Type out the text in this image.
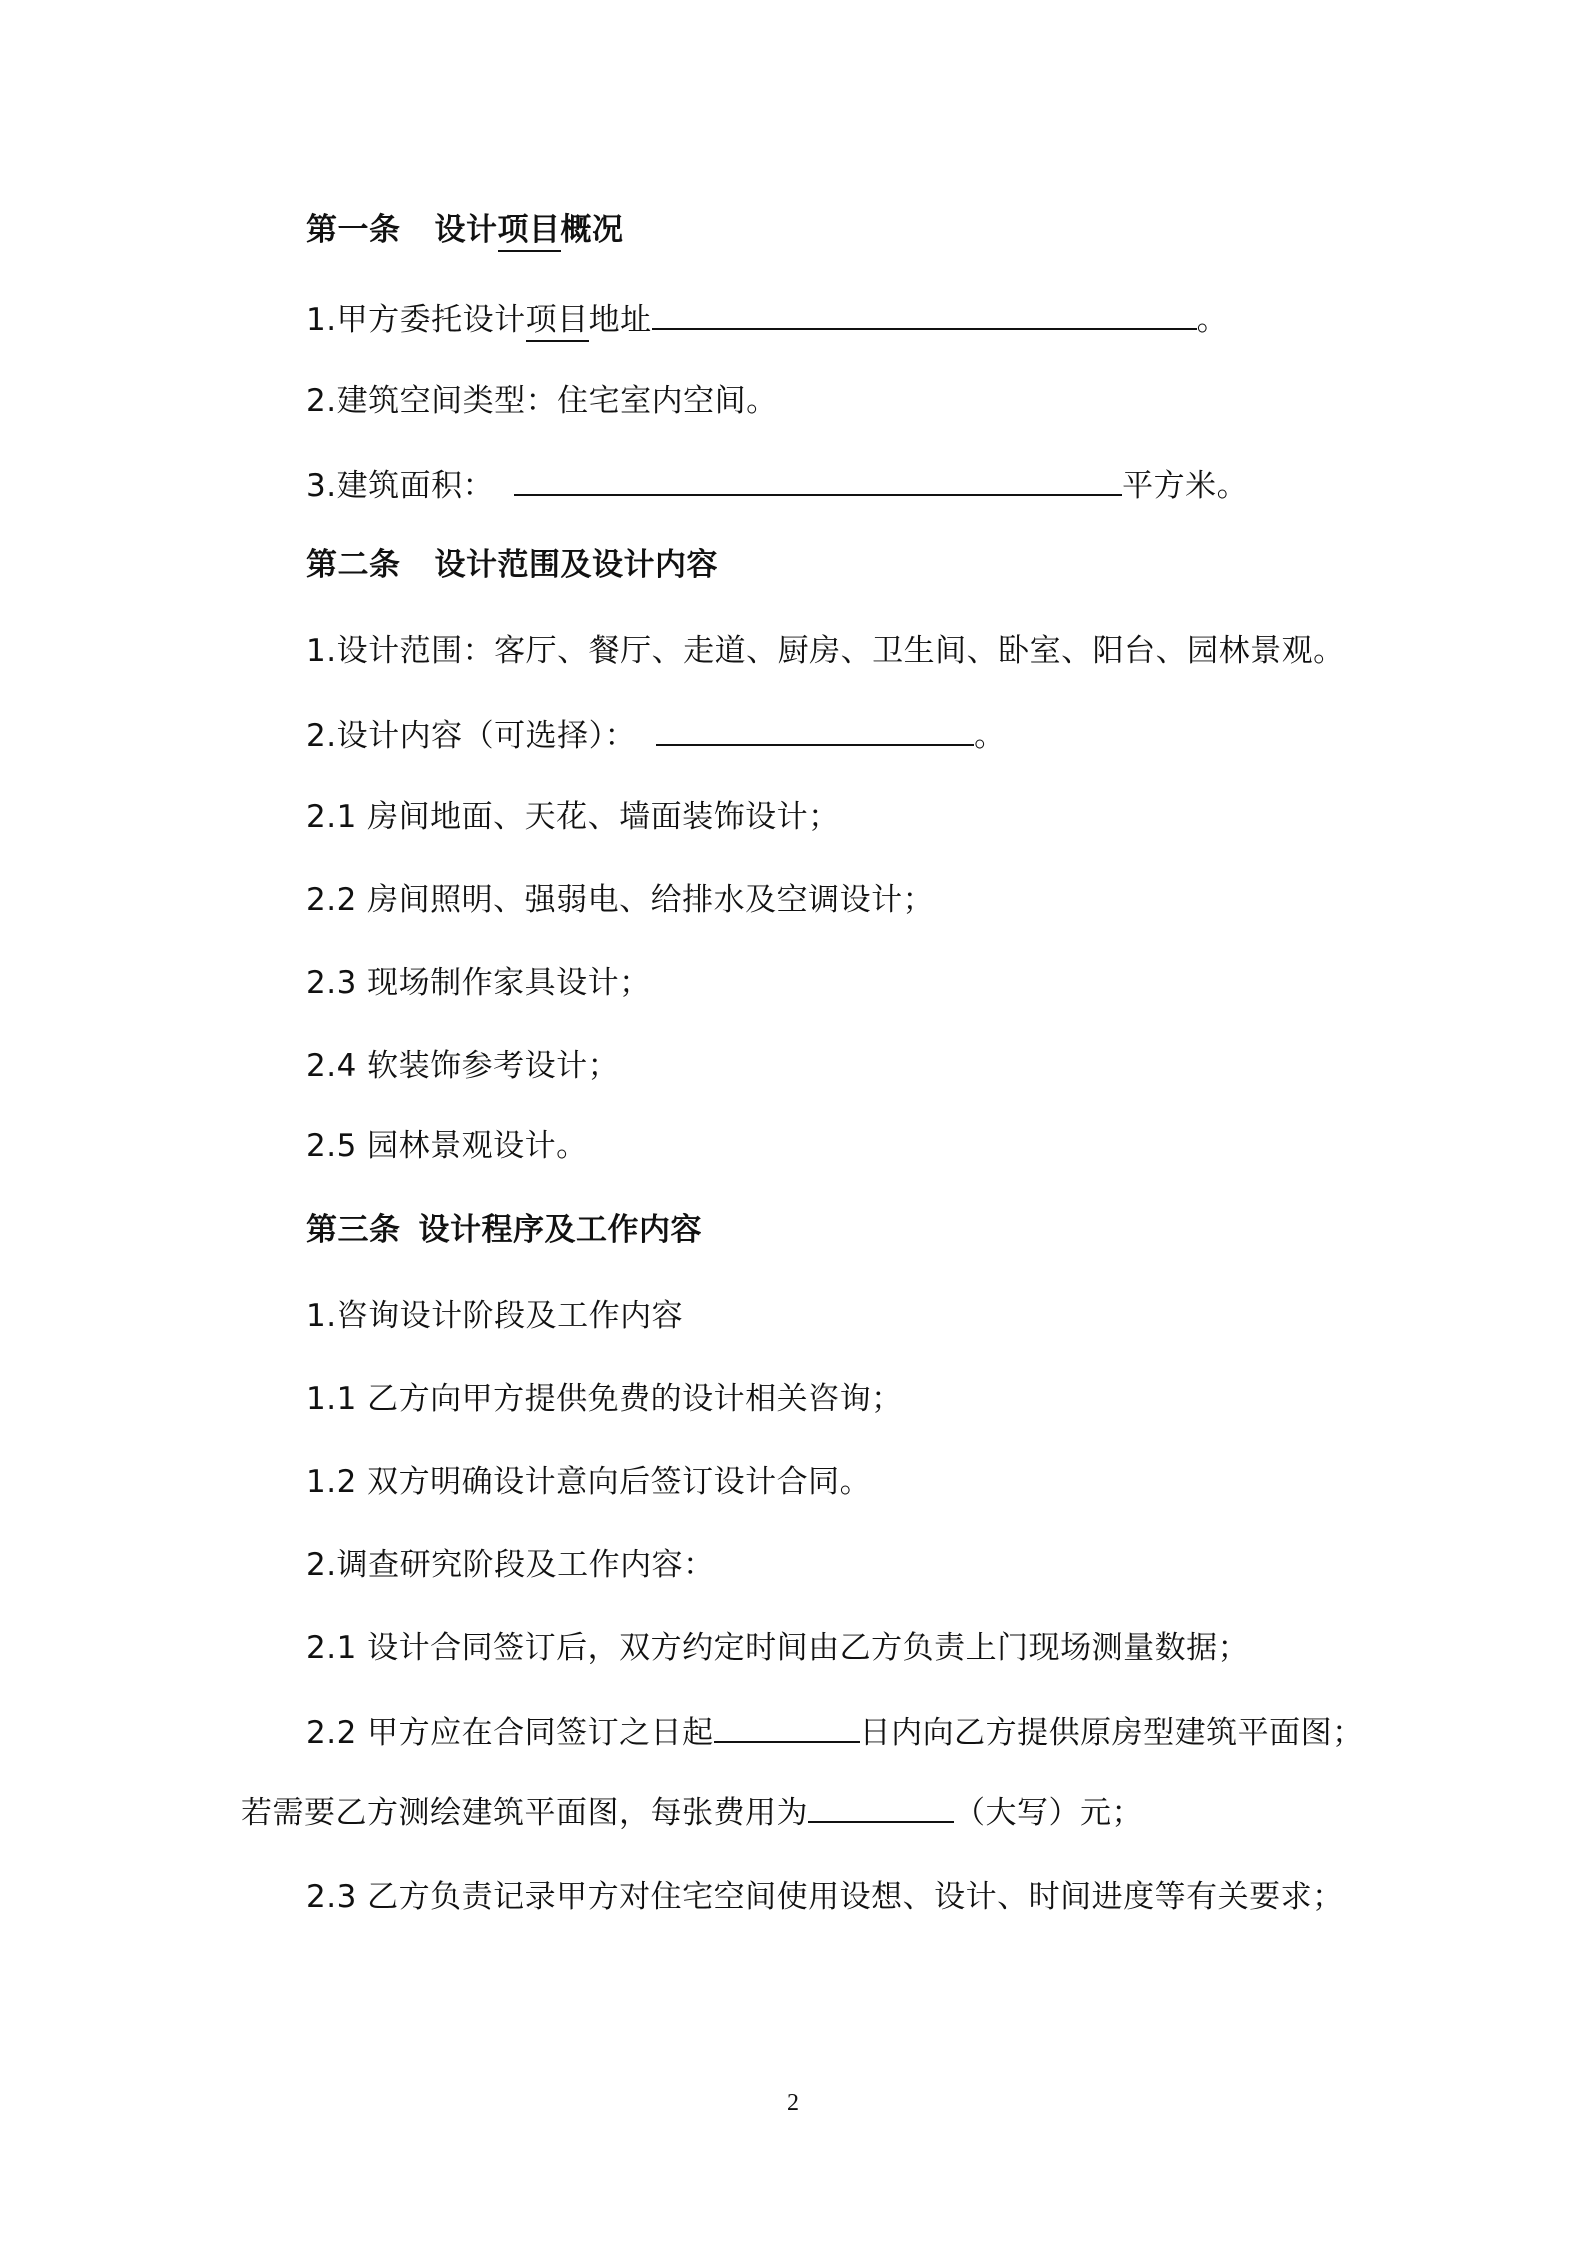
第一条 设计项目概况
1.甲方委托设计项目地址	。
2.建筑空间类型：住宅室内空间。
3.建筑面积：	平方米。
第二条 设计范围及设计内容
1.设计范围：客厅、餐厅、走道、厨房、卫生间、卧室、阳台、园林景观。
2.设计内容（可选择）：	。
2.1 房间地面、天花、墙面装饰设计；
2.2 房间照明、强弱电、给排水及空调设计；
2.3 现场制作家具设计；
2.4 软装饰参考设计；
2.5 园林景观设计。
第三条 设计程序及工作内容
1.咨询设计阶段及工作内容
1.1 乙方向甲方提供免费的设计相关咨询；
1.2 双方明确设计意向后签订设计合同。
2.调查研究阶段及工作内容：
2.1 设计合同签订后，双方约定时间由乙方负责上门现场测量数据；
2.2 甲方应在合同签订之日起	日内向乙方提供原房型建筑平面图；
若需要乙方测绘建筑平面图，每张费用为	（大写）元；
2.3 乙方负责记录甲方对住宅空间使用设想、设计、时间进度等有关要求；
2
